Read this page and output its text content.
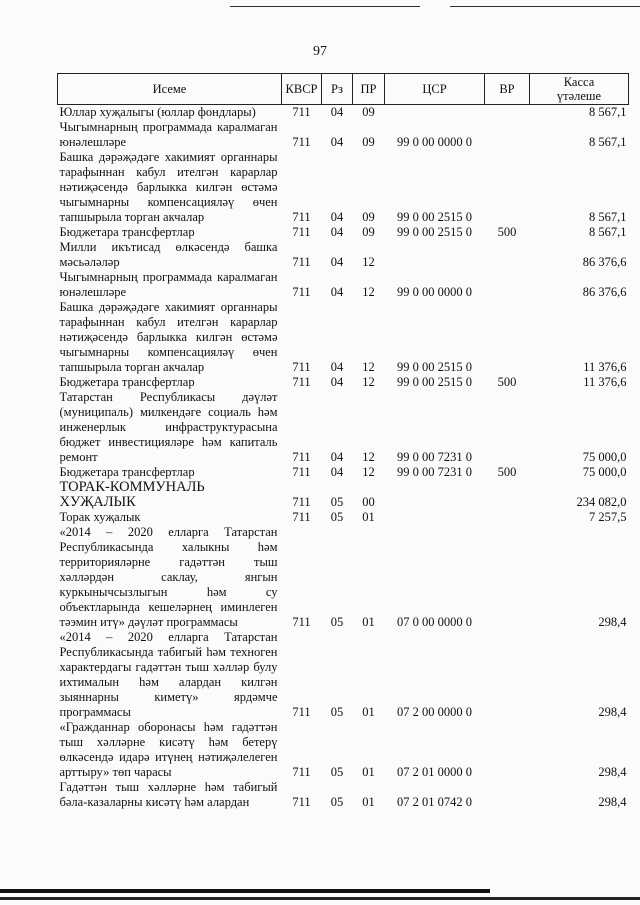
97
Исеме	КВСР	Рз	ПР	ЦСР	ВР	Касса
үтәлеше
Юллар хуҗалыгы (юллар фондлары)	711	04	09			8 567,1
Чыгымнарның программада каралмаган юнәлешләре	711	04	09	99 0 00 0000 0		8 567,1
Башка дәрәҗәдәге хакимият органнары тарафыннан кабул ителгән карарлар нәтиҗәсендә барлыкка килгән өстәмә чыгымнарны компенсацияләү өчен тапшырыла торган акчалар	711	04	09	99 0 00 2515 0		8 567,1
Бюджетара трансфертлар	711	04	09	99 0 00 2515 0	500	8 567,1
Милли икътисад өлкәсендә башка мәсьәләләр	711	04	12			86 376,6
Чыгымнарның программада каралмаган юнәлешләре	711	04	12	99 0 00 0000 0		86 376,6
Башка дәрәҗәдәге хакимият органнары тарафыннан кабул ителгән карарлар нәтиҗәсендә барлыкка килгән өстәмә чыгымнарны компенсацияләү өчен тапшырыла торган акчалар	711	04	12	99 0 00 2515 0		11 376,6
Бюджетара трансфертлар	711	04	12	99 0 00 2515 0	500	11 376,6
Татарстан Республикасы дәүләт (муниципаль) милкендәге социаль һәм инженерлык инфраструктурасына бюджет инвестицияләре һәм капиталь ремонт	711	04	12	99 0 00 7231 0		75 000,0
Бюджетара трансфертлар	711	04	12	99 0 00 7231 0	500	75 000,0
ТОРАК-КОММУНАЛЬ ХУҖАЛЫК	711	05	00			234 082,0
Торак хуҗалык	711	05	01			7 257,5
«2014 – 2020 елларга Татарстан Республикасында халыкны һәм территорияләрне гадәттән тыш хәлләрдән саклау, янгын куркынычсызлыгын һәм су объектларында кешеләрнең иминлеген тәэмин итү» дәүләт программасы	711	05	01	07 0 00 0000 0		298,4
«2014 – 2020 елларга Татарстан Республикасында табигый һәм техноген характердагы гадәттән тыш хәлләр булу ихтималын һәм алардан килгән зыяннарны киметү» ярдәмче программасы	711	05	01	07 2 00 0000 0		298,4
«Гражданнар оборонасы һәм гадәттән тыш хәлләрне кисәтү һәм бетерү өлкәсендә идарә итүнең нәтиҗәлелеген арттыру» төп чарасы	711	05	01	07 2 01 0000 0		298,4
Гадәттән тыш хәлләрне һәм табигый бәла-казаларны кисәтү һәм алардан	711	05	01	07 2 01 0742 0		298,4
